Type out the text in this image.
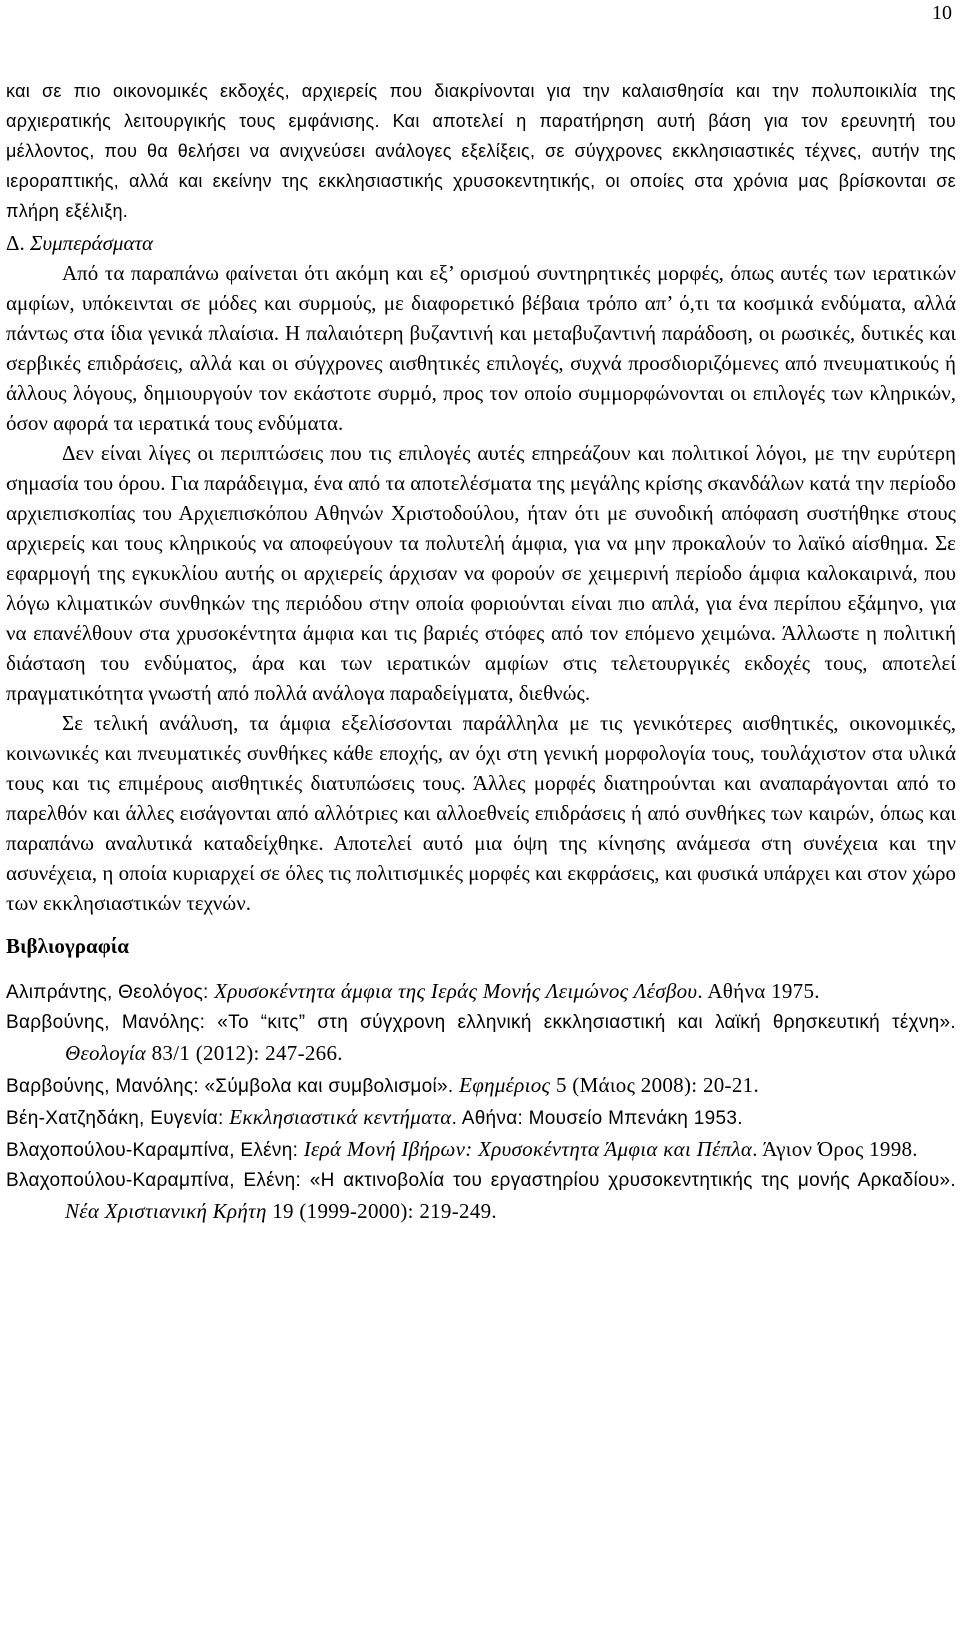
10

και σε πιο οικονομικές εκδοχές, αρχιερείς που διακρίνονται για την καλαισθησία και την πολυποικιλία της αρχιερατικής λειτουργικής τους εμφάνισης. Και αποτελεί η παρατήρηση αυτή βάση για τον ερευνητή του μέλλοντος, που θα θελήσει να ανιχνεύσει ανάλογες εξελίξεις, σε σύγχρονες εκκλησιαστικές τέχνες, αυτήν της ιεροραπτικής, αλλά και εκείνην της εκκλησιαστικής χρυσοκεντητικής, οι οποίες στα χρόνια μας βρίσκονται σε πλήρη εξέλιξη.

Δ. Συμπεράσματα

Από τα παραπάνω φαίνεται ότι ακόμη και εξ’ ορισμού συντηρητικές μορφές, όπως αυτές των ιερατικών αμφίων, υπόκεινται σε μόδες και συρμούς, με διαφορετικό βέβαια τρόπο απ’ ό,τι τα κοσμικά ενδύματα, αλλά πάντως στα ίδια γενικά πλαίσια. Η παλαιότερη βυζαντινή και μεταβυζαντινή παράδοση, οι ρωσικές, δυτικές και σερβικές επιδράσεις, αλλά και οι σύγχρονες αισθητικές επιλογές, συχνά προσδιοριζόμενες από πνευματικούς ή άλλους λόγους, δημιουργούν τον εκάστοτε συρμό, προς τον οποίο συμμορφώνονται οι επιλογές των κληρικών, όσον αφορά τα ιερατικά τους ενδύματα.

Δεν είναι λίγες οι περιπτώσεις που τις επιλογές αυτές επηρεάζουν και πολιτικοί λόγοι, με την ευρύτερη σημασία του όρου. Για παράδειγμα, ένα από τα αποτελέσματα της μεγάλης κρίσης σκανδάλων κατά την περίοδο αρχιεπισκοπίας του Αρχιεπισκόπου Αθηνών Χριστοδούλου, ήταν ότι με συνοδική απόφαση συστήθηκε στους αρχιερείς και τους κληρικούς να αποφεύγουν τα πολυτελή άμφια, για να μην προκαλούν το λαϊκό αίσθημα. Σε εφαρμογή της εγκυκλίου αυτής οι αρχιερείς άρχισαν να φορούν σε χειμερινή περίοδο άμφια καλοκαιρινά, που λόγω κλιματικών συνθηκών της περιόδου στην οποία φοριούνται είναι πιο απλά, για ένα περίπου εξάμηνο, για να επανέλθουν στα χρυσοκέντητα άμφια και τις βαριές στόφες από τον επόμενο χειμώνα. Άλλωστε η πολιτική διάσταση του ενδύματος, άρα και των ιερατικών αμφίων στις τελετουργικές εκδοχές τους, αποτελεί πραγματικότητα γνωστή από πολλά ανάλογα παραδείγματα, διεθνώς.

Σε τελική ανάλυση, τα άμφια εξελίσσονται παράλληλα με τις γενικότερες αισθητικές, οικονομικές, κοινωνικές και πνευματικές συνθήκες κάθε εποχής, αν όχι στη γενική μορφολογία τους, τουλάχιστον στα υλικά τους και τις επιμέρους αισθητικές διατυπώσεις τους. Άλλες μορφές διατηρούνται και αναπαράγονται από το παρελθόν και άλλες εισάγονται από αλλότριες και αλλοεθνείς επιδράσεις ή από συνθήκες των καιρών, όπως και παραπάνω αναλυτικά καταδείχθηκε. Αποτελεί αυτό μια όψη της κίνησης ανάμεσα στη συνέχεια και την ασυνέχεια, η οποία κυριαρχεί σε όλες τις πολιτισμικές μορφές και εκφράσεις, και φυσικά υπάρχει και στον χώρο των εκκλησιαστικών τεχνών.

Βιβλιογραφία

Αλιπράντης, Θεολόγος: Χρυσοκέντητα άμφια της Ιεράς Μονής Λειμώνος Λέσβου. Αθήνα 1975.

Βαρβούνης, Μανόλης: «Το “κιτς” στη σύγχρονη ελληνική εκκλησιαστική και λαϊκή θρησκευτική τέχνη». Θεολογία 83/1 (2012): 247-266.

Βαρβούνης, Μανόλης: «Σύμβολα και συμβολισμοί». Εφημέριος 5 (Μάιος 2008): 20-21.

Βέη-Χατζηδάκη, Ευγενία: Εκκλησιαστικά κεντήματα. Αθήνα: Μουσείο Μπενάκη 1953.

Βλαχοπούλου-Καραμπίνα, Ελένη: Ιερά Μονή Ιβήρων: Χρυσοκέντητα Άμφια και Πέπλα. Άγιον Όρος 1998.

Βλαχοπούλου-Καραμπίνα, Ελένη: «Η ακτινοβολία του εργαστηρίου χρυσοκεντητικής της μονής Αρκαδίου». Νέα Χριστιανική Κρήτη 19 (1999-2000): 219-249.
